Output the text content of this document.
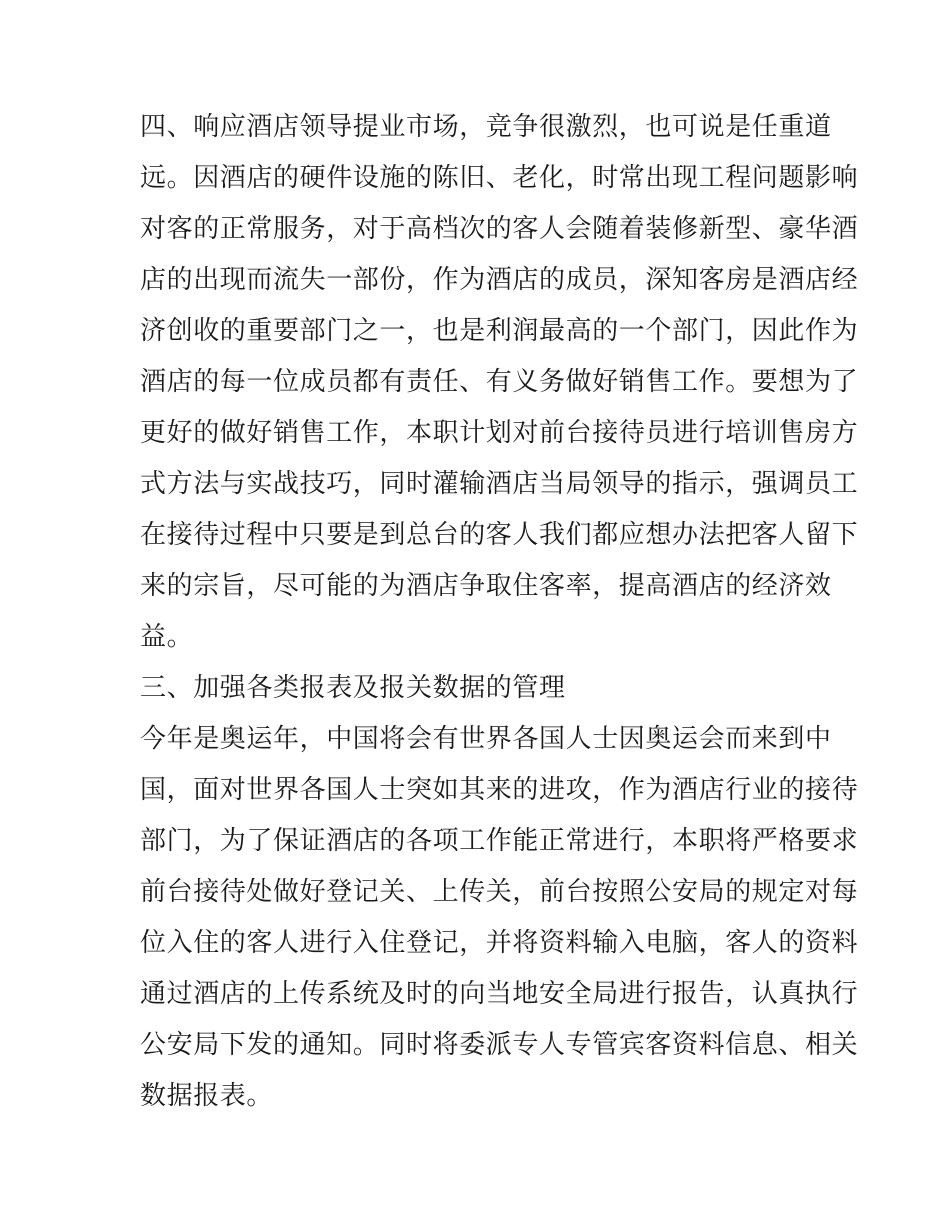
四、响应酒店领导提业市场，竞争很激烈，也可说是任重道
远。因酒店的硬件设施的陈旧、老化，时常出现工程问题影响
对客的正常服务，对于高档次的客人会随着装修新型、豪华酒
店的出现而流失一部份，作为酒店的成员，深知客房是酒店经
济创收的重要部门之一，也是利润最高的一个部门，因此作为
酒店的每一位成员都有责任、有义务做好销售工作。要想为了
更好的做好销售工作，本职计划对前台接待员进行培训售房方
式方法与实战技巧，同时灌输酒店当局领导的指示，强调员工
在接待过程中只要是到总台的客人我们都应想办法把客人留下
来的宗旨，尽可能的为酒店争取住客率，提高酒店的经济效
益。
三、加强各类报表及报关数据的管理
今年是奥运年，中国将会有世界各国人士因奥运会而来到中
国，面对世界各国人士突如其来的进攻，作为酒店行业的接待
部门，为了保证酒店的各项工作能正常进行，本职将严格要求
前台接待处做好登记关、上传关，前台按照公安局的规定对每
位入住的客人进行入住登记，并将资料输入电脑，客人的资料
通过酒店的上传系统及时的向当地安全局进行报告，认真执行
公安局下发的通知。同时将委派专人专管宾客资料信息、相关
数据报表。
